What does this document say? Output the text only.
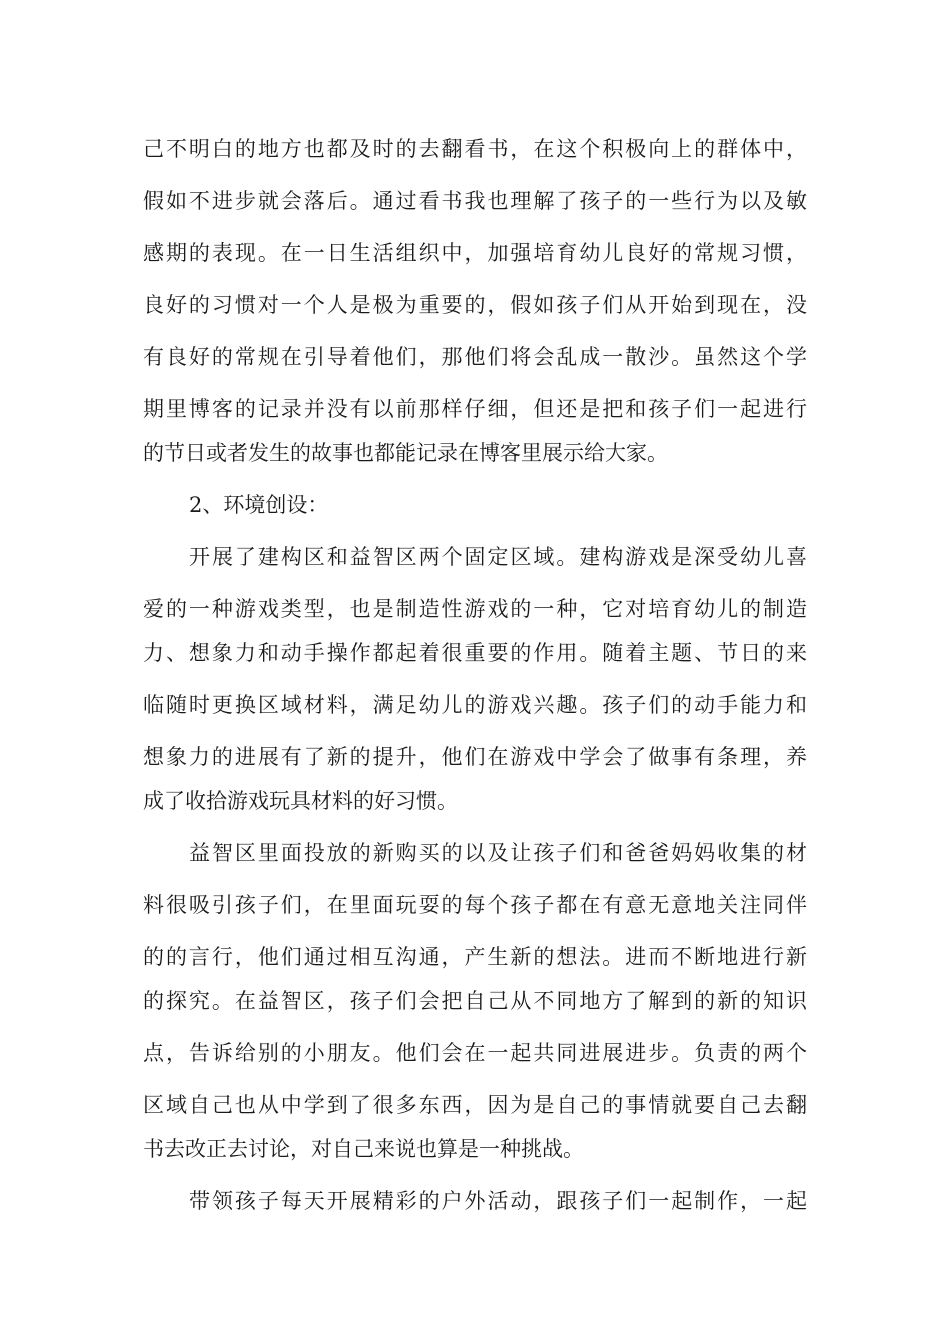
己不明白的地方也都及时的去翻看书，在这个积极向上的群体中，

假如不进步就会落后。通过看书我也理解了孩子的一些行为以及敏

感期的表现。在一日生活组织中，加强培育幼儿良好的常规习惯，

良好的习惯对一个人是极为重要的，假如孩子们从开始到现在，没

有良好的常规在引导着他们，那他们将会乱成一散沙。虽然这个学

期里博客的记录并没有以前那样仔细，但还是把和孩子们一起进行

的节日或者发生的故事也都能记录在博客里展示给大家。

2、环境创设：

开展了建构区和益智区两个固定区域。建构游戏是深受幼儿喜

爱的一种游戏类型，也是制造性游戏的一种，它对培育幼儿的制造

力、想象力和动手操作都起着很重要的作用。随着主题、节日的来

临随时更换区域材料，满足幼儿的游戏兴趣。孩子们的动手能力和

想象力的进展有了新的提升，他们在游戏中学会了做事有条理，养

成了收拾游戏玩具材料的好习惯。

益智区里面投放的新购买的以及让孩子们和爸爸妈妈收集的材

料很吸引孩子们，在里面玩耍的每个孩子都在有意无意地关注同伴

的的言行，他们通过相互沟通，产生新的想法。进而不断地进行新

的探究。在益智区，孩子们会把自己从不同地方了解到的新的知识

点，告诉给别的小朋友。他们会在一起共同进展进步。负责的两个

区域自己也从中学到了很多东西，因为是自己的事情就要自己去翻

书去改正去讨论，对自己来说也算是一种挑战。

带领孩子每天开展精彩的户外活动，跟孩子们一起制作，一起
